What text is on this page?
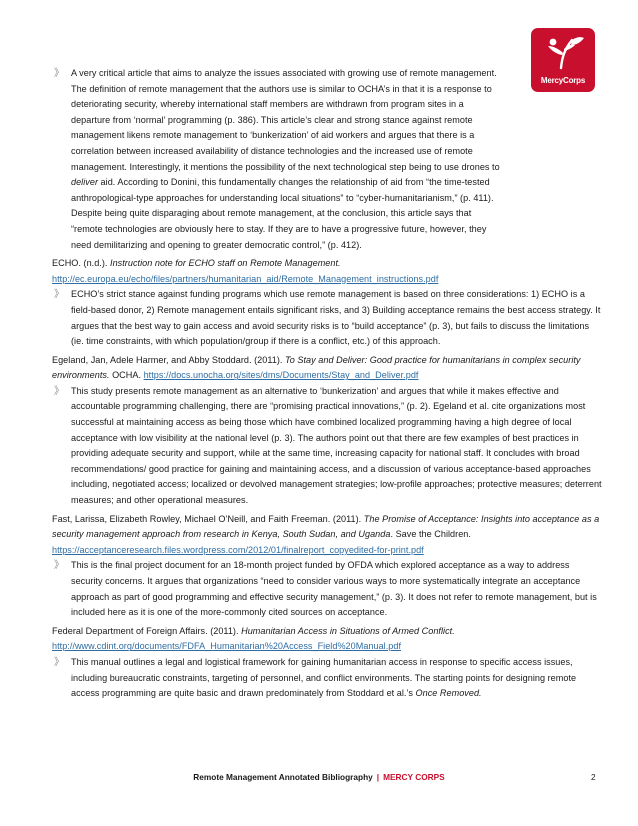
MercyCorps
》 A very critical article that aims to analyze the issues associated with growing use of remote management. The definition of remote management that the authors use is similar to OCHA’s in that it is a response to deteriorating security, whereby international staff members are withdrawn from program sites in a departure from ‘normal’ programming (p. 386). This article’s clear and strong stance against remote management likens remote management to ‘bunkerization’ of aid workers and argues that there is a correlation between increased availability of distance technologies and the increased use of remote management. Interestingly, it mentions the possibility of the next technological step being to use drones to deliver aid. According to Donini, this fundamentally changes the relationship of aid from “the time-tested anthropological-type approaches for understanding local situations” to “cyber-humanitarianism,” (p. 411). Despite being quite disparaging about remote management, at the conclusion, this article says that “remote technologies are obviously here to stay. If they are to have a progressive future, however, they need demilitarizing and opening to greater democratic control,” (p. 412).
ECHO. (n.d.). Instruction note for ECHO staff on Remote Management. http://ec.europa.eu/echo/files/partners/humanitarian_aid/Remote_Management_instructions.pdf
》 ECHO’s strict stance against funding programs which use remote management is based on three considerations: 1) ECHO is a field-based donor, 2) Remote management entails significant risks, and 3) Building acceptance remains the best access strategy. It argues that the best way to gain access and avoid security risks is to “build acceptance” (p. 3), but fails to discuss the limitations (ie. time constraints, with which population/group if there is a conflict, etc.) of this approach.
Egeland, Jan, Adele Harmer, and Abby Stoddard. (2011). To Stay and Deliver: Good practice for humanitarians in complex security environments. OCHA. https://docs.unocha.org/sites/dms/Documents/Stay_and_Deliver.pdf
》 This study presents remote management as an alternative to ‘bunkerization’ and argues that while it makes effective and accountable programming challenging, there are “promising practical innovations,” (p. 2). Egeland et al. cite organizations most successful at maintaining access as being those which have combined localized programming having a high degree of local acceptance with low visibility at the national level (p. 3). The authors point out that there are few examples of best practices in providing adequate security and support, while at the same time, increasing capacity for national staff. It concludes with broad recommendations/ good practice for gaining and maintaining access, and a discussion of various acceptance-based approaches including, negotiated access; localized or devolved management strategies; low-profile approaches; protective measures; deterrent measures; and other operational measures.
Fast, Larissa, Elizabeth Rowley, Michael O’Neill, and Faith Freeman. (2011). The Promise of Acceptance: Insights into acceptance as a security management approach from research in Kenya, South Sudan, and Uganda. Save the Children. https://acceptanceresearch.files.wordpress.com/2012/01/finalreport_copyedited-for-print.pdf
》 This is the final project document for an 18-month project funded by OFDA which explored acceptance as a way to address security concerns. It argues that organizations “need to consider various ways to more systematically integrate an acceptance approach as part of good programming and effective security management,” (p. 3). It does not refer to remote management, but is included here as it is one of the more-commonly cited sources on acceptance.
Federal Department of Foreign Affairs. (2011). Humanitarian Access in Situations of Armed Conflict. http://www.cdint.org/documents/FDFA_Humanitarian%20Access_Field%20Manual.pdf
》 This manual outlines a legal and logistical framework for gaining humanitarian access in response to specific access issues, including bureaucratic constraints, targeting of personnel, and conflict environments. The starting points for designing remote access programming are quite basic and drawn predominately from Stoddard et al.’s Once Removed.
Remote Management Annotated Bibliography | MERCY CORPS	2
